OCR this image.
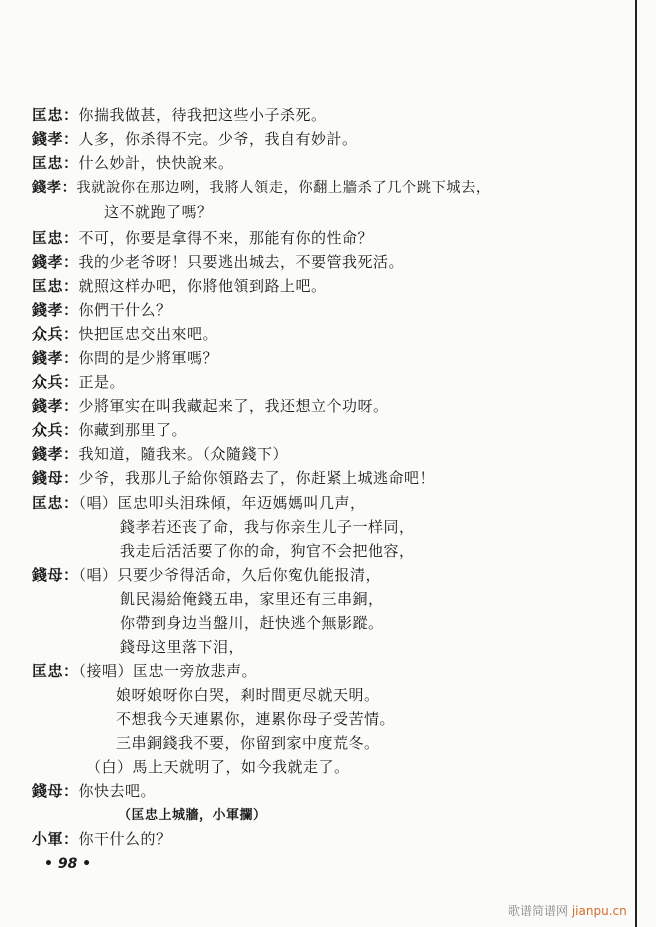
匡忠：你揣我做甚，待我把这些小子杀死。
錢孝：人多，你杀得不完。少爷，我自有妙計。
匡忠：什么妙計，快快說来。
錢孝：我就說你在那边咧，我將人領走，你翻上牆杀了几个跳下城去，
这不就跑了嗎？
匡忠：不可，你要是拿得不来，那能有你的性命？
錢孝：我的少老爷呀！只要逃出城去，不要管我死活。
匡忠：就照这样办吧，你將他領到路上吧。
錢孝：你們干什么？
众兵：快把匡忠交出來吧。
錢孝：你問的是少將軍嗎？
众兵：正是。
錢孝：少將軍实在叫我藏起来了，我还想立个功呀。
众兵：你藏到那里了。
錢孝：我知道，隨我来。（众隨錢下）
錢母：少爷，我那儿子給你領路去了，你赶紧上城逃命吧！
匡忠：（唱）匡忠叩头泪珠傾，年迈媽媽叫几声，
錢孝若还丧了命，我与你亲生儿子一样同，
我走后活活要了你的命，狗官不会把他容，
錢母：（唱）只要少爷得活命，久后你寃仇能报清，
飢民湯給俺錢五串，家里还有三串銅，
你帶到身边当盤川，赶快逃个無影蹤。
錢母这里落下泪，
匡忠：（接唱）匡忠一旁放悲声。
娘呀娘呀你白哭，剎时間更尽就天明。
不想我今天連累你，連累你母子受苦情。
三串銅錢我不要，你留到家中度荒冬。
（白）馬上天就明了，如今我就走了。
錢母：你快去吧。
（匡忠上城牆，小軍攔）
小軍：你干什么的？
• 98 •
歌谱简谱网 jianpu.cn
